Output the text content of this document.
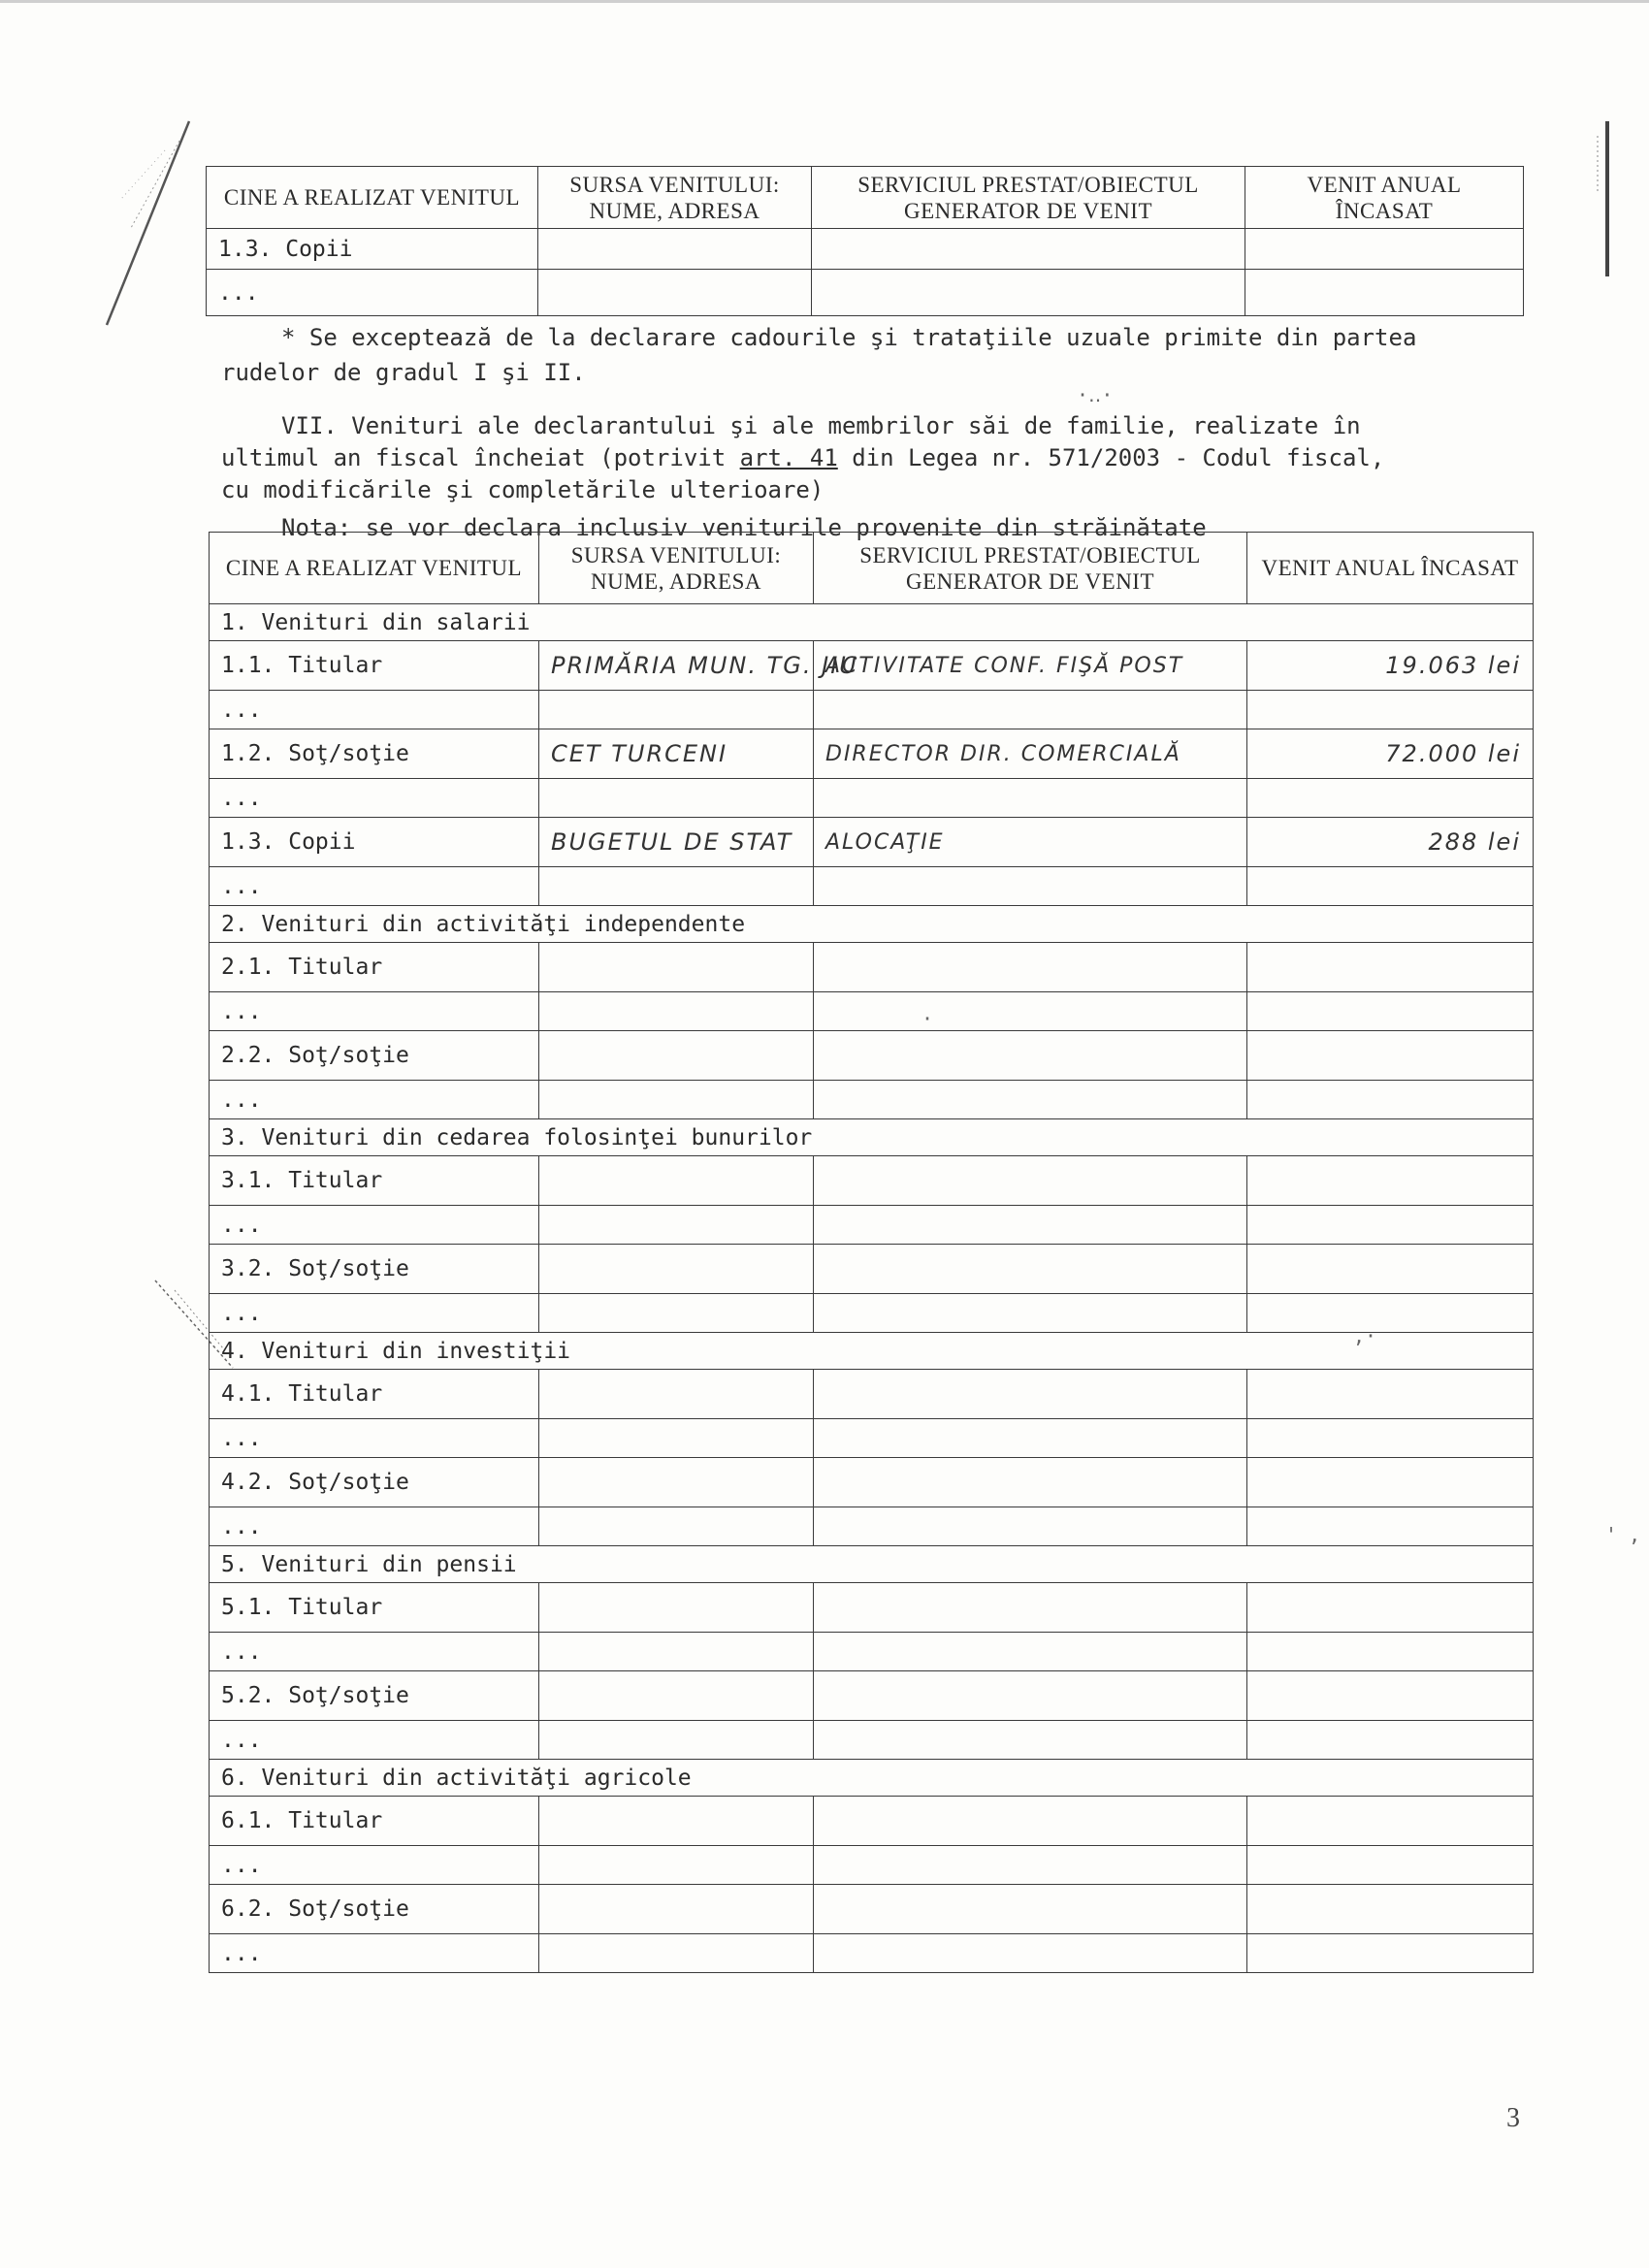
CINE A REALIZAT VENITUL	SURSA VENITULUI: NUME, ADRESA	SERVICIUL PRESTAT/OBIECTUL GENERATOR DE VENIT	VENIT ANUAL ÎNCASAT
1.3. Copii			
...			
* Se exceptează de la declarare cadourile şi trataţiile uzuale primite din partea
rudelor de gradul I şi II.
VII. Venituri ale declarantului şi ale membrilor săi de familie, realizate în
ultimul an fiscal încheiat (potrivit art. 41 din Legea nr. 571/2003 - Codul fiscal,
cu modificările şi completările ulterioare)
Nota: se vor declara inclusiv veniturile provenite din străinătate
CINE A REALIZAT VENITUL	SURSA VENITULUI: NUME, ADRESA	SERVICIUL PRESTAT/OBIECTUL GENERATOR DE VENIT	VENIT ANUAL ÎNCASAT
1. Venituri din salarii			
1.1. Titular	PRIMĂRIA MUN. TG. JIU	ACTIVITATE CONF. FIŞĂ POST	19.063 lei
...			
1.2. Soţ/soţie	CET TURCENI	DIRECTOR DIR. COMERCIALĂ	72.000 lei
...			
1.3. Copii	BUGETUL DE STAT	ALOCAŢIE	288 lei
...			
2. Venituri din activităţi independente			
2.1. Titular			
...			
2.2. Soţ/soţie			
...			
3. Venituri din cedarea folosinţei bunurilor			
3.1. Titular			
...			
3.2. Soţ/soţie			
...			
4. Venituri din investiţii			
4.1. Titular			
...			
4.2. Soţ/soţie			
...			
5. Venituri din pensii			
5.1. Titular			
...			
5.2. Soţ/soţie			
...			
6. Venituri din activităţi agricole			
6.1. Titular			
...			
6.2. Soţ/soţie			
...			
·‥·
·
,·
' ,
3
